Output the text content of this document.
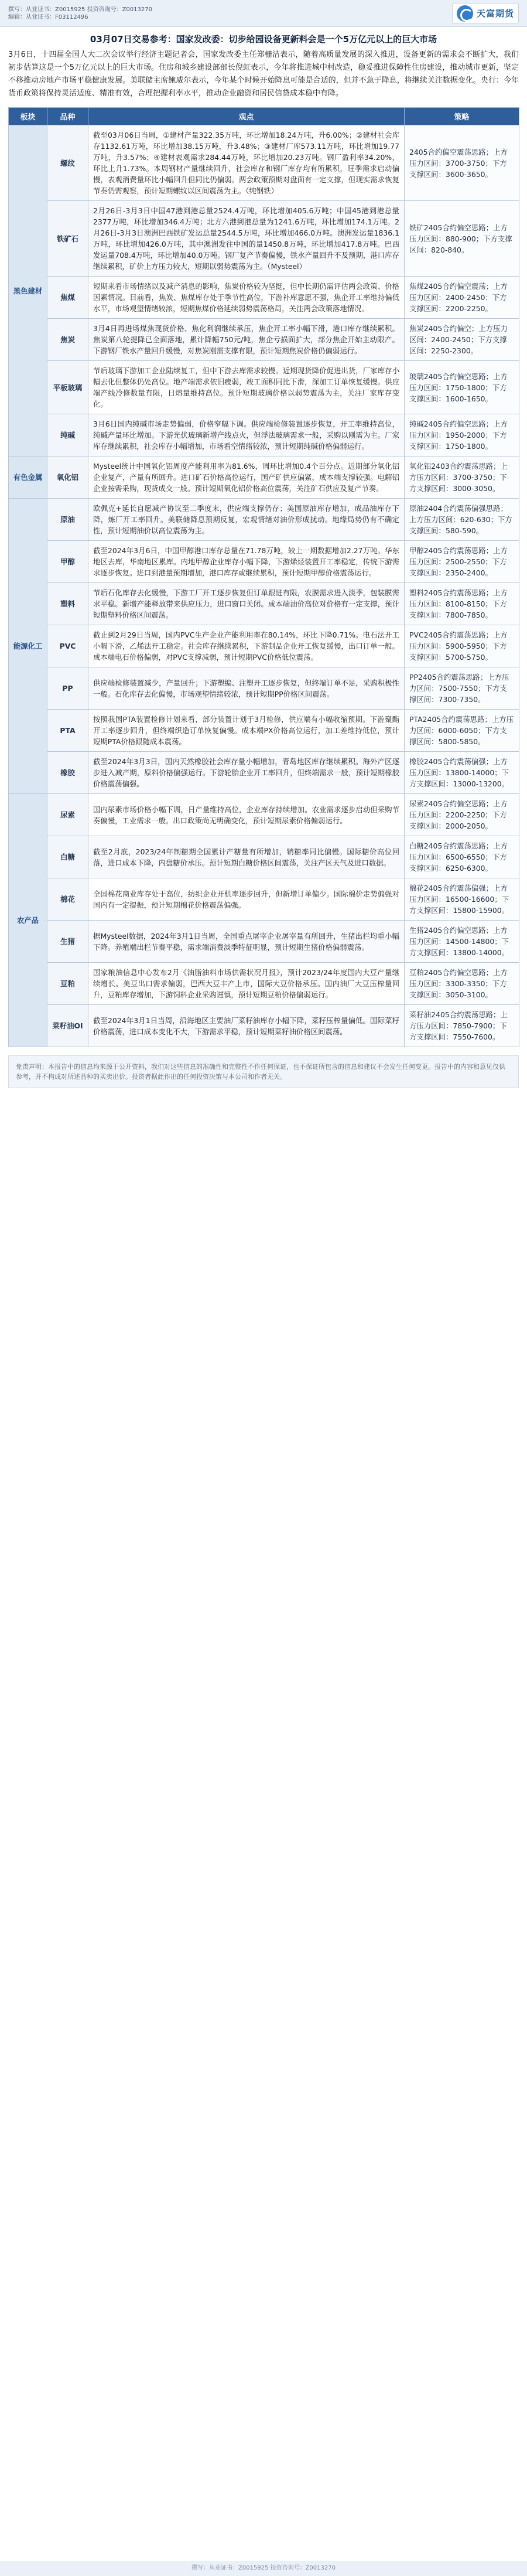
撰写：从业证书：Z0015925 投资咨询号：Z0013270
编辑：从业证书：F03112496	天富期货
03月07日交易参考：国家发改委：切步给园设备更新料会是一个5万亿元以上的巨大市场

3月6日，十四届全国人大二次会议举行经济主题记者会，国家发改委主任郑栅洁表示，随着高质量发展的深入推进，设备更新的需求会不断扩大，我们初步估算这是一个5万亿元以上的巨大市场。住房和城乡建设部部长倪虹表示，今年将推进城中村改造，稳妥推进保障性住房建设，推动城市更新，坚定不移推动房地产市场平稳健康发展。美联储主席鲍威尔表示，今年某个时候开始降息可能是合适的，但并不急于降息，将继续关注数据变化。央行：今年货币政策将保持灵活适度、精准有效，合理把握利率水平，推动企业融资和居民信贷成本稳中有降。

板块	品种	观点	策略
黑色建材	螺纹	截至03月06日当周，①建材产量322.35万吨，环比增加18.24万吨，升6.00%；②建材社会库存1132.61万吨，环比增加38.15万吨，升3.48%；③建材厂库573.11万吨，环比增加19.77万吨，升3.57%；④建材表观需求284.44万吨，环比增加20.23万吨。钢厂盈利率34.20%，环比上升1.73%。本周钢材产量继续回升，社会库存和钢厂库存均有所累积，旺季需求启动偏慢，表观消费量环比小幅回升但同比仍偏弱。两会政策预期对盘面有一定支撑，但现实需求恢复节奏仍需观察，预计短期螺纹以区间震荡为主。（纯钢铁）	2405合约偏空震荡思路；上方压力区间：3700-3750；下方支撑区间：3600-3650。
	铁矿石	2月26日-3月3日中国47港到港总量2524.4万吨，环比增加405.6万吨；中国45港到港总量2377万吨，环比增加346.4万吨；北方六港到港总量为1241.6万吨，环比增加174.1万吨。2月26日-3月3日澳洲巴西铁矿发运总量2544.5万吨，环比增加466.0万吨。澳洲发运量1836.1万吨，环比增加426.0万吨，其中澳洲发往中国的量1450.8万吨，环比增加417.8万吨。巴西发运量708.4万吨，环比增加40.0万吨。钢厂复产节奏偏慢，铁水产量回升不及预期，港口库存继续累积，矿价上方压力较大，短期以弱势震荡为主。（Mysteel）	铁矿2405合约偏空思路；上方压力区间：880-900；下方支撑区间：820-840。
	焦煤	短期来看市场情绪以及减产消息的影响，焦炭价格较为坚挺，但中长期仍需评估两会政策、价格因素情况。目前看，焦炭、焦煤库存处于季节性高位，下游补库意愿不强，焦企开工率维持偏低水平，市场观望情绪较浓，短期焦煤价格延续弱势震荡格局，关注两会政策落地情况。	焦煤2405合约偏空震荡；上方压力区间：2400-2450；下方支撑区间：2200-2250。
	焦炭	3月4日再进场煤焦现货价格、焦化利润继续承压，焦企开工率小幅下滑，港口库存继续累积。焦炭第八轮提降已全面落地，累计降幅750元/吨，焦企亏损面扩大，部分焦企开始主动限产。下游钢厂铁水产量回升缓慢，对焦炭刚需支撑有限，预计短期焦炭价格仍偏弱运行。	焦炭2405合约偏空；上方压力区间：2400-2450；下方支撑区间：2250-2300。
	平板玻璃	节后玻璃下游加工企业陆续复工，但中下游去库需求较慢。近期现货降价促进出货，厂家库存小幅去化但整体仍处高位。地产端需求依旧疲弱，竣工面积同比下滑，深加工订单恢复缓慢。供应端产线冷修数量有限，日熔量维持高位。预计短期玻璃价格以弱势震荡为主，关注厂家库存变化。	玻璃2405合约偏空思路；上方压力区间：1750-1800；下方支撑区间：1600-1650。
	纯碱	3月6日国内纯碱市场走势偏弱，价格窄幅下调。供应端检修装置逐步恢复，开工率维持高位，纯碱产量环比增加。下游光伏玻璃新增产线点火，但浮法玻璃需求一般，采购以刚需为主。厂家库存继续累积，社会库存小幅增加，市场看空情绪较浓，预计短期纯碱价格偏弱运行。	纯碱2405合约偏空思路；上方压力区间：1950-2000；下方支撑区间：1750-1800。
有色金属	氧化铝	Mysteel统计中国氧化铝周度产能利用率为81.6%，周环比增加0.4个百分点。近期部分氧化铝企业复产，产量有所回升。进口矿石价格高位运行，国产矿供应偏紧，成本端支撑较强。电解铝企业按需采购，现货成交一般。预计短期氧化铝价格高位震荡，关注矿石供应及复产节奏。	氧化铝2403合约震荡思路；上方压力区间：3700-3750；下方支撑区间：3000-3050。
能源化工	原油	欧佩克+延长自愿减产协议至二季度末，供应端支撑仍存；美国原油库存增加，成品油库存下降，炼厂开工率回升。美联储降息预期反复，宏观情绪对油价形成扰动。地缘局势仍有不确定性，预计短期油价以高位震荡为主。	原油2404合约震荡偏强思路；上方压力区间：620-630；下方支撑区间：580-590。
	甲醇	截至2024年3月6日，中国甲醇港口库存总量在71.78万吨，较上一期数据增加2.27万吨。华东地区去库，华南地区累库。内地甲醇企业库存小幅下降，下游烯烃装置开工率稳定，传统下游需求逐步恢复。进口到港量预期增加，港口库存或继续累积，预计短期甲醇价格震荡运行。	甲醇2405合约震荡思路；上方压力区间：2500-2550；下方支撑区间：2350-2400。
	塑料	节后石化库存去化缓慢，下游工厂开工逐步恢复但订单跟进有限，农膜需求进入淡季，包装膜需求平稳。新增产能释放带来供应压力，进口窗口关闭。成本端油价高位对价格有一定支撑，预计短期塑料价格区间震荡。	塑料2405合约震荡思路；上方压力区间：8100-8150；下方支撑区间：7800-7850。
	PVC	截止到2月29日当周，国内PVC生产企业产能利用率在80.14%，环比下降0.71%。电石法开工小幅下滑，乙烯法开工稳定。社会库存继续累积，下游制品企业开工恢复缓慢，出口订单一般。成本端电石价格偏弱，对PVC支撑减弱，预计短期PVC价格低位震荡。	PVC2405合约震荡思路；上方压力区间：5900-5950；下方支撑区间：5700-5750。
	PP	供应端检修装置减少，产量回升；下游塑编、注塑开工逐步恢复，但终端订单不足，采购积极性一般。石化库存去化偏慢，市场观望情绪较浓，预计短期PP价格区间震荡。	PP2405合约震荡思路；上方压力区间：7500-7550；下方支撑区间：7300-7350。
	PTA	按照我国PTA装置检修计划来看，部分装置计划于3月检修，供应端有小幅收缩预期。下游聚酯开工率逐步回升，但终端织造订单恢复偏慢。成本端PX价格高位运行，加工差维持低位，预计短期PTA价格跟随成本震荡。	PTA2405合约震荡思路；上方压力区间：6000-6050；下方支撑区间：5800-5850。
	橡胶	截至2024年3月3日，国内天然橡胶社会库存量小幅增加，青岛地区库存继续累积。海外产区逐步进入减产期，原料价格偏强运行。下游轮胎企业开工率回升，但终端需求一般，预计短期橡胶价格震荡偏强。	橡胶2405合约震荡偏强；上方压力区间：13800-14000；下方支撑区间：13000-13200。
农产品	尿素	国内尿素市场价格小幅下调，日产量维持高位，企业库存持续增加。农业需求逐步启动但采购节奏偏慢，工业需求一般。出口政策尚无明确变化，预计短期尿素价格偏弱运行。	尿素2405合约偏空思路；上方压力区间：2200-2250；下方支撑区间：2000-2050。
	白糖	截至2月底，2023/24年制糖期全国累计产糖量有所增加，销糖率同比偏慢。国际糖价高位回落，进口成本下降，内盘糖价承压。预计短期白糖价格区间震荡，关注产区天气及进口数据。	白糖2405合约震荡思路；上方压力区间：6500-6550；下方支撑区间：6250-6300。
	棉花	全国棉花商业库存处于高位，纺织企业开机率逐步回升，但新增订单偏少。国际棉价走势偏强对国内有一定提振，预计短期棉花价格震荡偏强。	棉花2405合约震荡偏强；上方压力区间：16500-16600；下方支撑区间：15800-15900。
	生猪	据Mysteel数据，2024年3月1日当周，全国重点屠宰企业屠宰量有所回升，生猪出栏均重小幅下降。养殖端出栏节奏平稳，需求端消费淡季特征明显，预计短期生猪价格偏弱震荡。	生猪2405合约偏空思路；上方压力区间：14500-14800；下方支撑区间：13800-14000。
	豆粕	国家粮油信息中心发布2月《油脂油料市场供需状况月报》，预计2023/24年度国内大豆产量继续增长。美豆出口需求偏弱，巴西大豆丰产上市，国际大豆价格承压。国内油厂大豆压榨量回升，豆粕库存增加，下游饲料企业采购谨慎，预计短期豆粕价格偏弱运行。	豆粕2405合约偏空思路；上方压力区间：3300-3350；下方支撑区间：3050-3100。
	菜籽油OI	截至2024年3月1日当周，沿海地区主要油厂菜籽油库存小幅下降，菜籽压榨量偏低。国际菜籽价格震荡，进口成本变化不大，下游需求平稳，预计短期菜籽油价格区间震荡。	菜籽油2405合约震荡思路；上方压力区间：7850-7900；下方支撑区间：7550-7600。
免责声明：本报告中的信息均来源于公开资料，我们对这些信息的准确性和完整性不作任何保证，也不保证所包含的信息和建议不会发生任何变更。报告中的内容和意见仅供参考，并不构成对所述品种的买卖出价。投资者据此作出的任何投资决策与本公司和作者无关。
撰写：从业证书：Z0015925 投资咨询号：Z0013270
